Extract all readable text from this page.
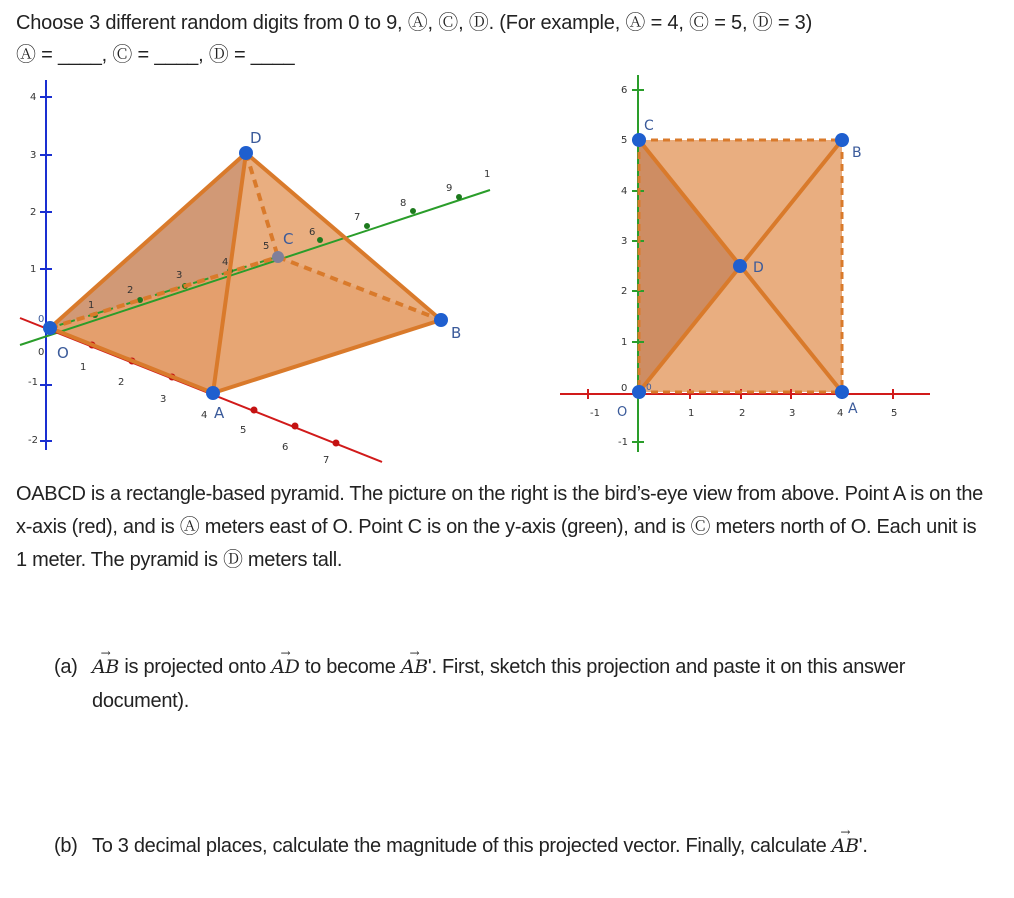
Choose 3 different random digits from 0 to 9, Ⓐ, Ⓒ, Ⓓ. (For example, Ⓐ = 4, Ⓒ = 5, Ⓓ = 3)
Ⓐ = ____, Ⓒ = ____, Ⓓ = ____
4
3
2
1
-1
-2
1
2
3
4
5
6
7
8
9
1
0
1
2
3
4
5
6
7
O
A
B
C
D
0
6
5
4
3
2
1
0
-1
-1	1	2	3	4	5
O
C
B
D
A
0
OABCD is a rectangle-based pyramid. The picture on the right is the bird’s-eye view from above. Point A is on the x-axis (red), and is Ⓐ meters east of O. Point C is on the y-axis (green), and is Ⓒ meters north of O. Each unit is 1 meter. The pyramid is Ⓓ meters tall.
(a)→ AB is projected onto → AD to become → AB'. First, sketch this projection and paste it on this answer
document).
(b) To 3 decimal places, calculate the magnitude of this projected vector. Finally, calculate → AB'.
